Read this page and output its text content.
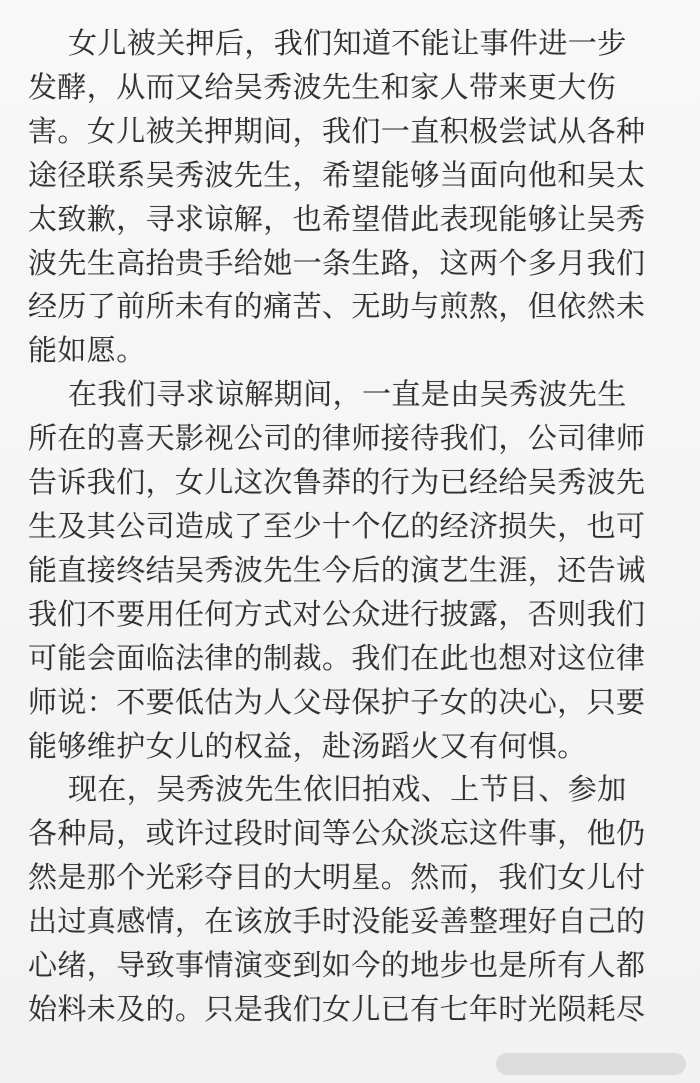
女儿被关押后，我们知道不能让事件进一步
发酵，从而又给吴秀波先生和家人带来更大伤
害。女儿被关押期间，我们一直积极尝试从各种
途径联系吴秀波先生，希望能够当面向他和吴太
太致歉，寻求谅解，也希望借此表现能够让吴秀
波先生高抬贵手给她一条生路，这两个多月我们
经历了前所未有的痛苦、无助与煎熬，但依然未
能如愿。
在我们寻求谅解期间，一直是由吴秀波先生
所在的喜天影视公司的律师接待我们，公司律师
告诉我们，女儿这次鲁莽的行为已经给吴秀波先
生及其公司造成了至少十个亿的经济损失，也可
能直接终结吴秀波先生今后的演艺生涯，还告诫
我们不要用任何方式对公众进行披露，否则我们
可能会面临法律的制裁。我们在此也想对这位律
师说：不要低估为人父母保护子女的决心，只要
能够维护女儿的权益，赴汤蹈火又有何惧。
现在，吴秀波先生依旧拍戏、上节目、参加
各种局，或许过段时间等公众淡忘这件事，他仍
然是那个光彩夺目的大明星。然而，我们女儿付
出过真感情，在该放手时没能妥善整理好自己的
心绪，导致事情演变到如今的地步也是所有人都
始料未及的。只是我们女儿已有七年时光陨耗尽
